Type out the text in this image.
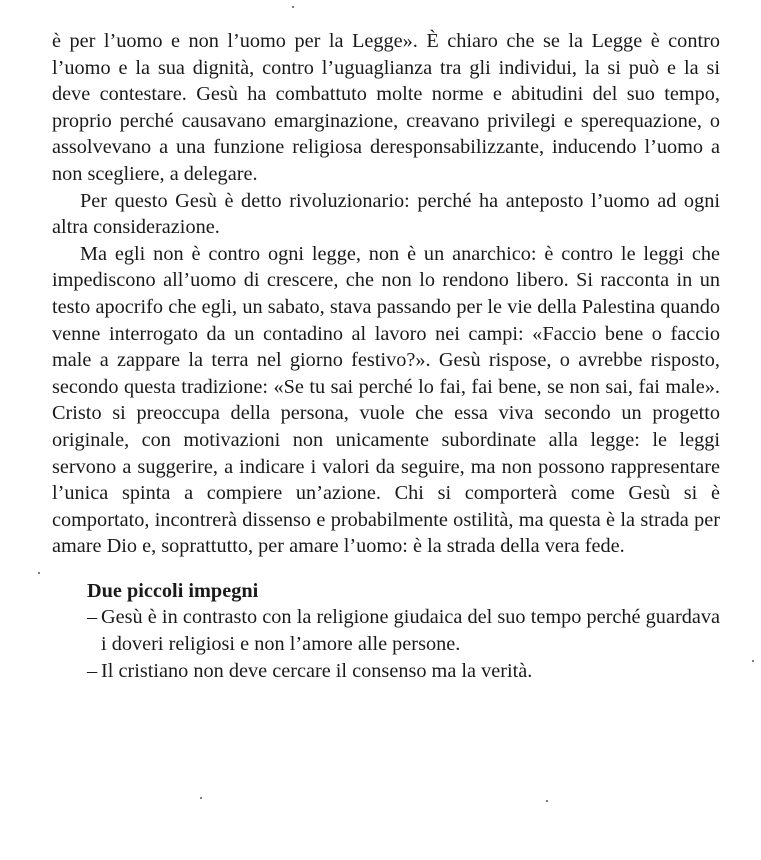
è per l’uomo e non l’uomo per la Legge». È chiaro che se la Legge è contro l’uomo e la sua dignità, contro l’uguaglianza tra gli individui, la si può e la si deve contestare. Gesù ha combattuto molte norme e abitudini del suo tempo, proprio perché causavano emarginazione, creavano privilegi e sperequazione, o assolvevano a una funzione religiosa deresponsabilizzante, inducendo l’uomo a non scegliere, a delegare.

Per questo Gesù è detto rivoluzionario: perché ha anteposto l’uomo ad ogni altra considerazione.

Ma egli non è contro ogni legge, non è un anarchico: è contro le leggi che impediscono all’uomo di crescere, che non lo rendono libero. Si racconta in un testo apocrifo che egli, un sabato, stava passando per le vie della Palestina quando venne interrogato da un contadino al lavoro nei campi: «Faccio bene o faccio male a zappare la terra nel giorno festivo?». Gesù rispose, o avrebbe risposto, secondo questa tradizione: «Se tu sai perché lo fai, fai bene, se non sai, fai male». Cristo si preoccupa della persona, vuole che essa viva secondo un progetto originale, con motivazioni non unicamente subordinate alla legge: le leggi servono a suggerire, a indicare i valori da seguire, ma non possono rappresentare l’unica spinta a compiere un’azione. Chi si comporterà come Gesù si è comportato, incontrerà dissenso e probabilmente ostilità, ma questa è la strada per amare Dio e, soprattutto, per amare l’uomo: è la strada della vera fede.

Due piccoli impegni

– Gesù è in contrasto con la religione giudaica del suo tempo perché guardava i doveri religiosi e non l’amore alle persone.
– Il cristiano non deve cercare il consenso ma la verità.
